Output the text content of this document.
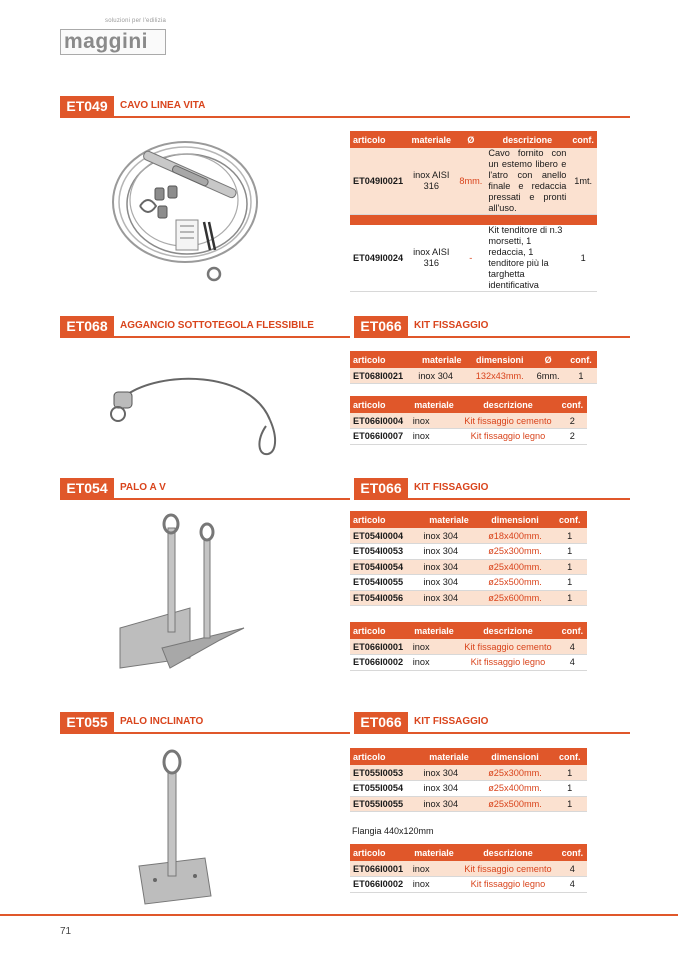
soluzioni per l'edilizia
maggini
ET049	CAVO LINEA VITA
articolo	materiale	Ø	descrizione	conf.
ET049I0021	inox AISI 316	8mm.	Cavo fornito con un estemo libero e l'atro con anello finale e redaccia pressati e pronti all'uso.	1mt.

ET049I0024	inox AISI 316	-	Kit tenditore di n.3 morsetti, 1 redaccia, 1 tenditore più la targhetta identificativa	1
ET068	AGGANCIO SOTTOTEGOLA FLESSIBILE	ET066	KIT FISSAGGIO
articolo	materiale	dimensioni	Ø	conf.
ET068I0021	inox 304	132x43mm.	6mm.	1
articolo	materiale	descrizione	conf.
ET066I0004	inox	Kit fissaggio cemento	2
ET066I0007	inox	Kit fissaggio legno	2
ET054	PALO A V	ET066	KIT FISSAGGIO
articolo	materiale	dimensioni	conf.
ET054I0004	inox 304	ø18x400mm.	1
ET054I0053	inox 304	ø25x300mm.	1
ET054I0054	inox 304	ø25x400mm.	1
ET054I0055	inox 304	ø25x500mm.	1
ET054I0056	inox 304	ø25x600mm.	1
articolo	materiale	descrizione	conf.
ET066I0001	inox	Kit fissaggio cemento	4
ET066I0002	inox	Kit fissaggio legno	4
ET055	PALO INCLINATO	ET066	KIT FISSAGGIO
articolo	materiale	dimensioni	conf.
ET055I0053	inox 304	ø25x300mm.	1
ET055I0054	inox 304	ø25x400mm.	1
ET055I0055	inox 304	ø25x500mm.	1
Flangia 440x120mm
articolo	materiale	descrizione	conf.
ET066I0001	inox	Kit fissaggio cemento	4
ET066I0002	inox	Kit fissaggio legno	4
71
